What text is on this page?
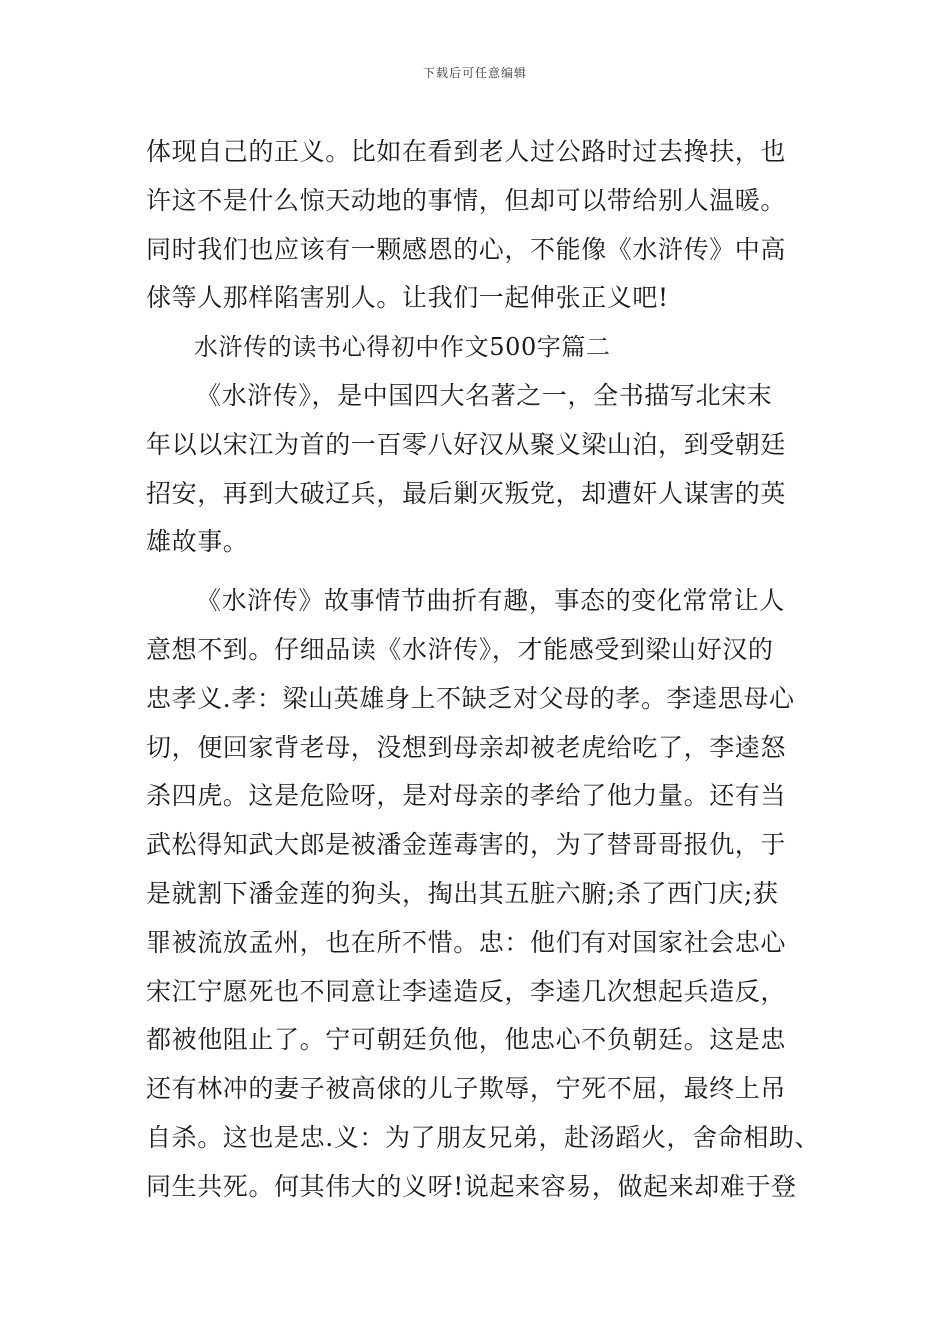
下载后可任意编辑
体现自己的正义。比如在看到老人过公路时过去搀扶，也
许这不是什么惊天动地的事情，但却可以带给别人温暖。
同时我们也应该有一颗感恩的心，不能像《水浒传》中高
俅等人那样陷害别人。让我们一起伸张正义吧!
水浒传的读书心得初中作文500字篇二
《水浒传》，是中国四大名著之一，全书描写北宋末
年以以宋江为首的一百零八好汉从聚义梁山泊，到受朝廷
招安，再到大破辽兵，最后剿灭叛党，却遭奸人谋害的英
雄故事。
《水浒传》故事情节曲折有趣，事态的变化常常让人
意想不到。仔细品读《水浒传》，才能感受到梁山好汉的
忠孝义.孝：梁山英雄身上不缺乏对父母的孝。李逵思母心
切，便回家背老母，没想到母亲却被老虎给吃了，李逵怒
杀四虎。这是危险呀，是对母亲的孝给了他力量。还有当
武松得知武大郎是被潘金莲毒害的，为了替哥哥报仇，于
是就割下潘金莲的狗头，掏出其五脏六腑;杀了西门庆;获
罪被流放孟州，也在所不惜。忠：他们有对国家社会忠心
宋江宁愿死也不同意让李逵造反，李逵几次想起兵造反，
都被他阻止了。宁可朝廷负他，他忠心不负朝廷。这是忠
还有林冲的妻子被高俅的儿子欺辱，宁死不屈，最终上吊
自杀。这也是忠.义：为了朋友兄弟，赴汤蹈火，舍命相助、
同生共死。何其伟大的义呀!说起来容易，做起来却难于登
